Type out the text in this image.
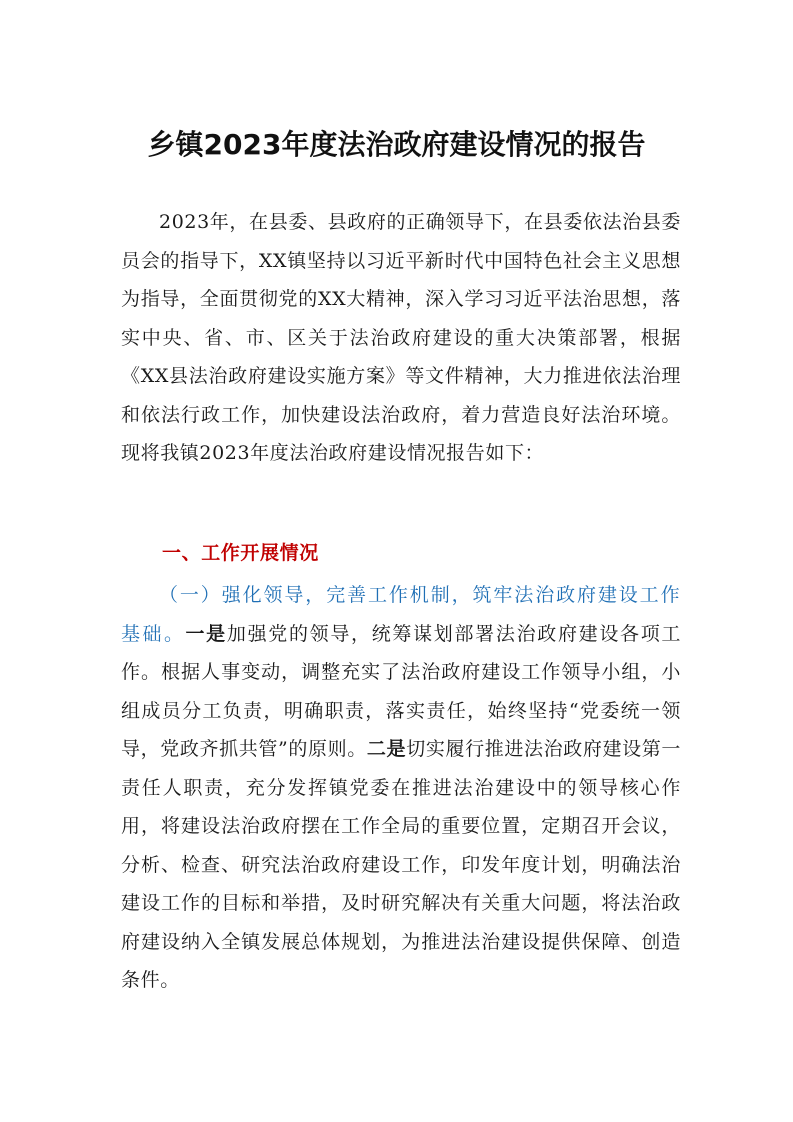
乡镇2023年度法治政府建设情况的报告

2023年，在县委、县政府的正确领导下，在县委依法治县委员会的指导下，XX镇坚持以习近平新时代中国特色社会主义思想为指导，全面贯彻党的XX大精神，深入学习习近平法治思想，落实中央、省、市、区关于法治政府建设的重大决策部署，根据《XX县法治政府建设实施方案》等文件精神，大力推进依法治理和依法行政工作，加快建设法治政府，着力营造良好法治环境。现将我镇2023年度法治政府建设情况报告如下：

一、工作开展情况

（一）强化领导，完善工作机制，筑牢法治政府建设工作基础。一是加强党的领导，统筹谋划部署法治政府建设各项工作。根据人事变动，调整充实了法治政府建设工作领导小组，小组成员分工负责，明确职责，落实责任，始终坚持“党委统一领导，党政齐抓共管”的原则。二是切实履行推进法治政府建设第一责任人职责，充分发挥镇党委在推进法治建设中的领导核心作用，将建设法治政府摆在工作全局的重要位置，定期召开会议，分析、检查、研究法治政府建设工作，印发年度计划，明确法治建设工作的目标和举措，及时研究解决有关重大问题，将法治政府建设纳入全镇发展总体规划，为推进法治建设提供保障、创造条件。
